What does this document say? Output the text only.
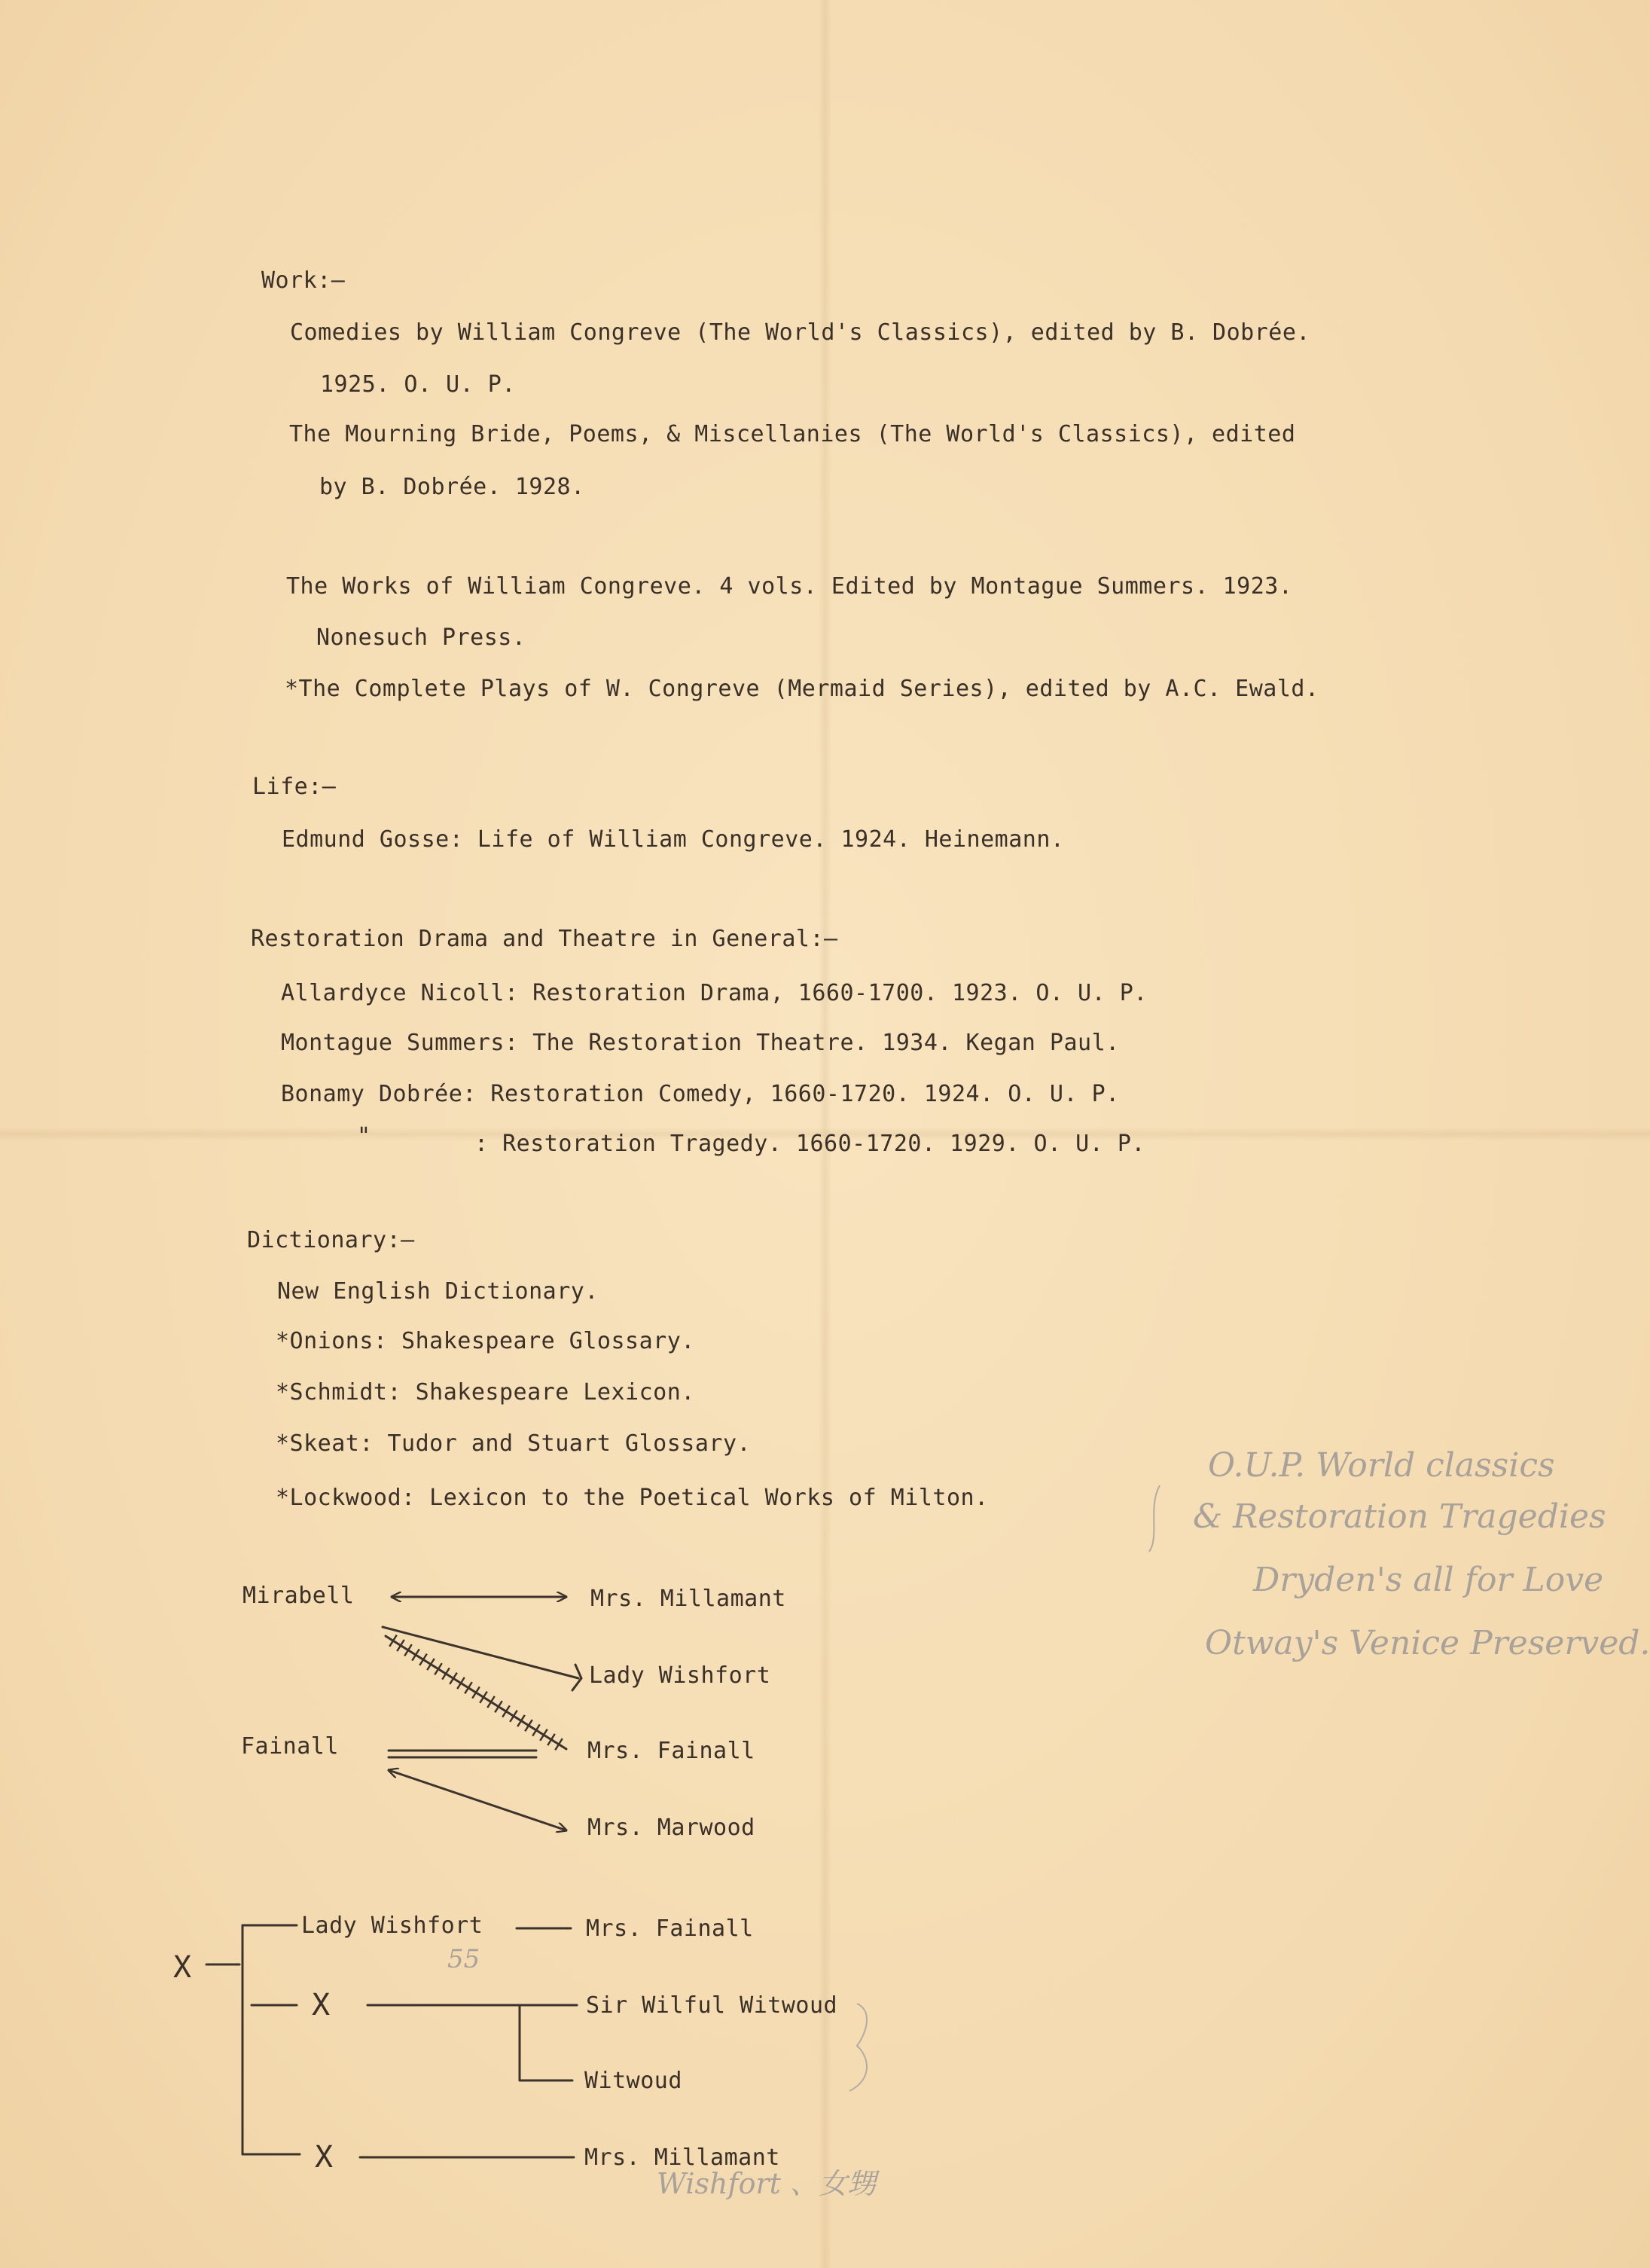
Work:—
Comedies by William Congreve (The World's Classics), edited by B. Dobrée.
1925. O. U. P.
The Mourning Bride, Poems, & Miscellanies (The World's Classics), edited
by B. Dobrée. 1928.
The Works of William Congreve. 4 vols. Edited by Montague Summers. 1923.
Nonesuch Press.
*The Complete Plays of W. Congreve (Mermaid Series), edited by A.C. Ewald.
Life:—
Edmund Gosse: Life of William Congreve. 1924. Heinemann.
Restoration Drama and Theatre in General:—
Allardyce Nicoll: Restoration Drama, 1660-1700. 1923. O. U. P.
Montague Summers: The Restoration Theatre. 1934. Kegan Paul.
Bonamy Dobrée: Restoration Comedy, 1660-1720. 1924. O. U. P.
"	: Restoration Tragedy. 1660-1720. 1929. O. U. P.
Dictionary:—
New English Dictionary.
*Onions: Shakespeare Glossary.
*Schmidt: Shakespeare Lexicon.
*Skeat: Tudor and Stuart Glossary.
*Lockwood: Lexicon to the Poetical Works of Milton.
Mirabell
Fainall
Mrs. Millamant
Lady Wishfort
Mrs. Fainall
Mrs. Marwood
X
Lady Wishfort	Mrs. Fainall
X	Sir Wilful Witwoud
Witwoud
X	Mrs. Millamant
O.U.P. World classics
& Restoration Tragedies
Dryden's all for Love
Otway's Venice Preserved.
55
Wishfort 、女甥
